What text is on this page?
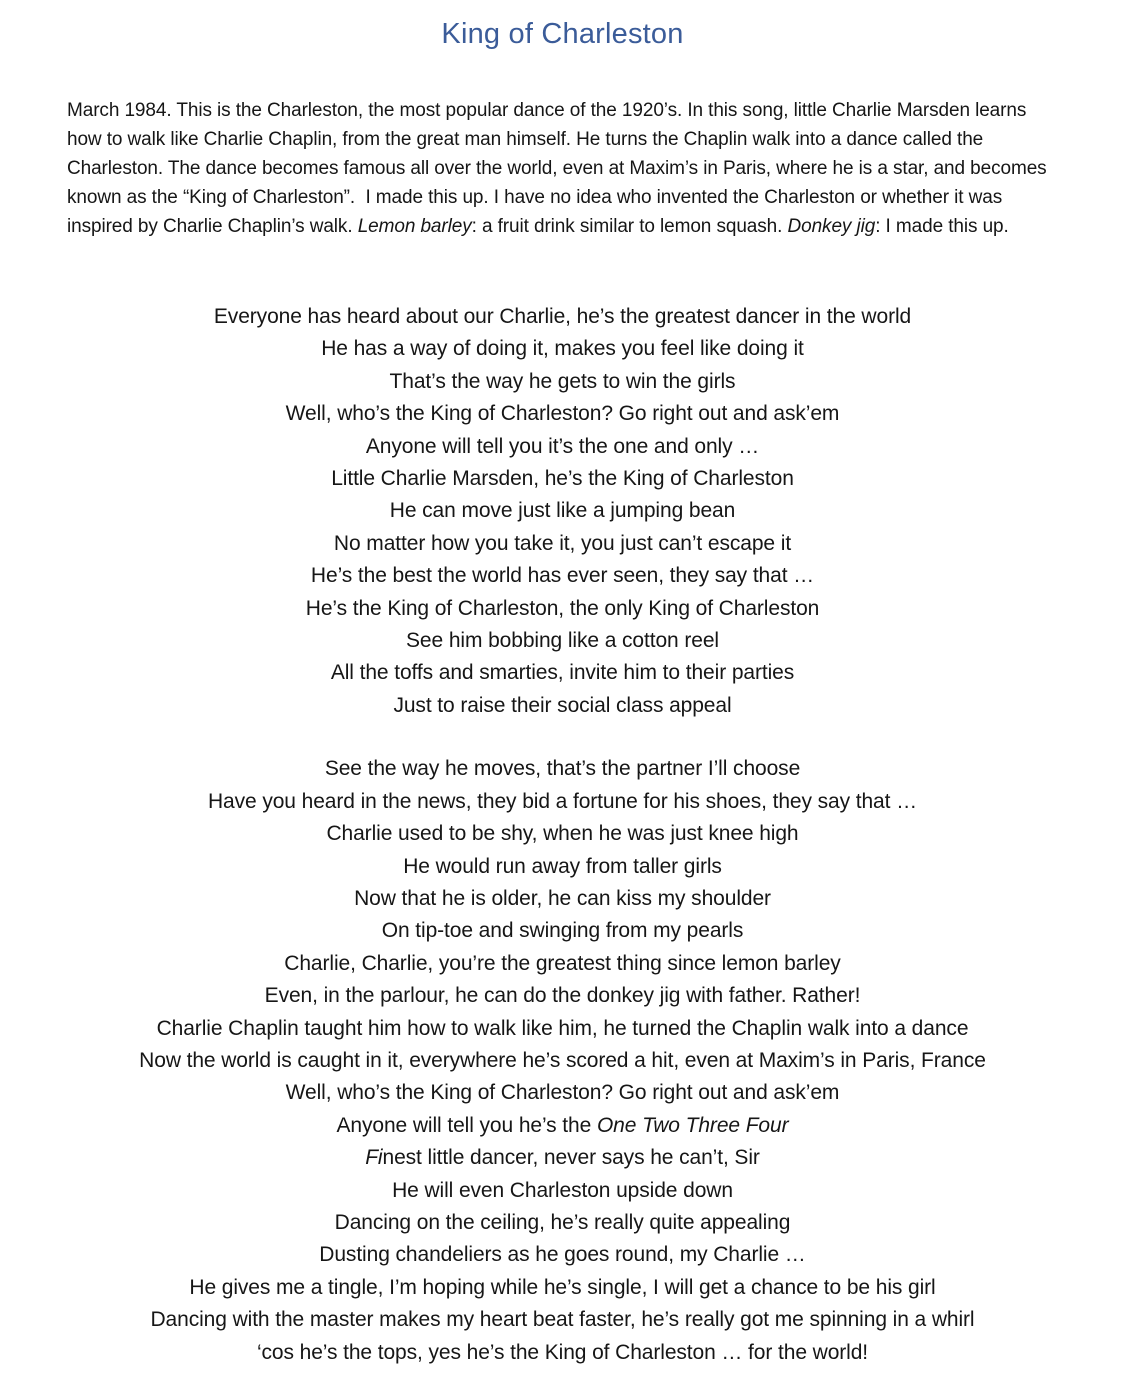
King of Charleston

March 1984. This is the Charleston, the most popular dance of the 1920’s. In this song, little Charlie Marsden learns how to walk like Charlie Chaplin, from the great man himself. He turns the Chaplin walk into a dance called the Charleston. The dance becomes famous all over the world, even at Maxim’s in Paris, where he is a star, and becomes known as the “King of Charleston”.  I made this up. I have no idea who invented the Charleston or whether it was inspired by Charlie Chaplin’s walk. Lemon barley: a fruit drink similar to lemon squash. Donkey jig: I made this up.

Everyone has heard about our Charlie, he’s the greatest dancer in the world
He has a way of doing it, makes you feel like doing it
That’s the way he gets to win the girls
Well, who’s the King of Charleston? Go right out and ask’em
Anyone will tell you it’s the one and only …
Little Charlie Marsden, he’s the King of Charleston
He can move just like a jumping bean
No matter how you take it, you just can’t escape it
He’s the best the world has ever seen, they say that …
He’s the King of Charleston, the only King of Charleston
See him bobbing like a cotton reel
All the toffs and smarties, invite him to their parties
Just to raise their social class appeal
See the way he moves, that’s the partner I’ll choose
Have you heard in the news, they bid a fortune for his shoes, they say that …
Charlie used to be shy, when he was just knee high
He would run away from taller girls
Now that he is older, he can kiss my shoulder
On tip-toe and swinging from my pearls
Charlie, Charlie, you’re the greatest thing since lemon barley
Even, in the parlour, he can do the donkey jig with father. Rather!
Charlie Chaplin taught him how to walk like him, he turned the Chaplin walk into a dance
Now the world is caught in it, everywhere he’s scored a hit, even at Maxim’s in Paris, France
Well, who’s the King of Charleston? Go right out and ask’em
Anyone will tell you he’s the One Two Three Four
Finest little dancer, never says he can’t, Sir
He will even Charleston upside down
Dancing on the ceiling, he’s really quite appealing
Dusting chandeliers as he goes round, my Charlie …
He gives me a tingle, I’m hoping while he’s single, I will get a chance to be his girl
Dancing with the master makes my heart beat faster, he’s really got me spinning in a whirl
‘cos he’s the tops, yes he’s the King of Charleston … for the world!
